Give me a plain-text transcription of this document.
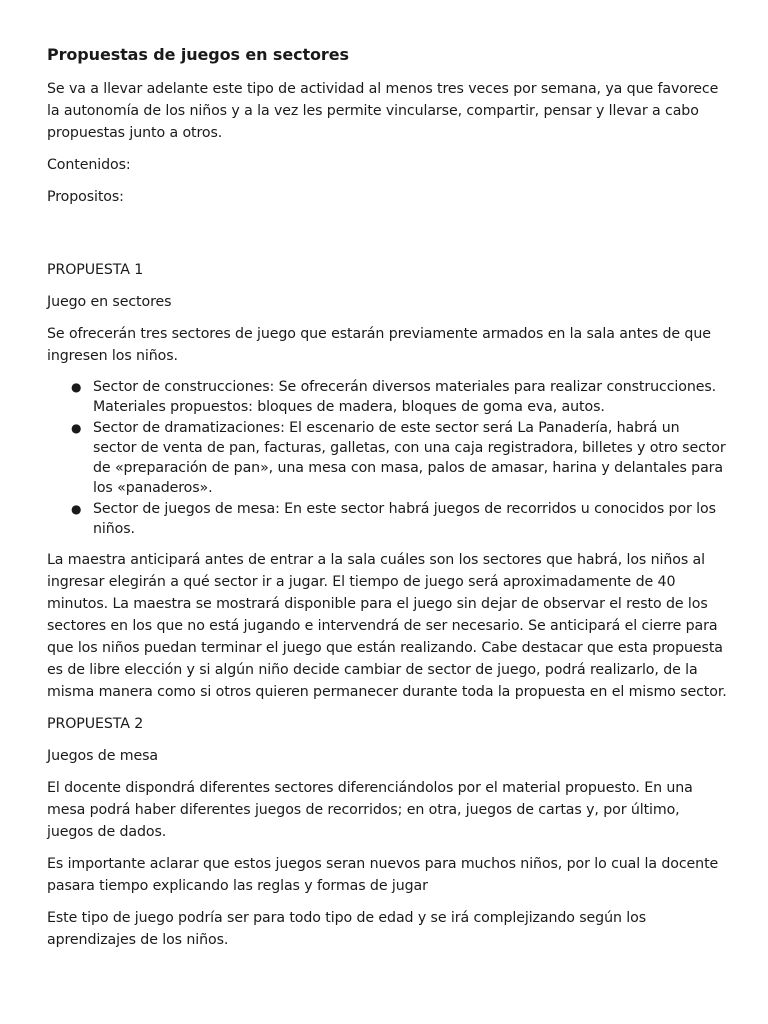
Propuestas de juegos en sectores

Se va a llevar adelante este tipo de actividad al menos tres veces por semana, ya que favorece la autonomía de los niños y a la vez les permite vincularse, compartir, pensar y llevar a cabo propuestas junto a otros.

Contenidos:

Propositos:

PROPUESTA 1

Juego en sectores

Se ofrecerán tres sectores de juego que estarán previamente armados en la sala antes de que ingresen los niños.

● Sector de construcciones: Se ofrecerán diversos materiales para realizar construcciones. Materiales propuestos: bloques de madera, bloques de goma eva, autos.
● Sector de dramatizaciones: El escenario de este sector será La Panadería, habrá un sector de venta de pan, facturas, galletas, con una caja registradora, billetes y otro sector de «preparación de pan», una mesa con masa, palos de amasar, harina y delantales para los «panaderos».
● Sector de juegos de mesa: En este sector habrá juegos de recorridos u conocidos por los niños.

La maestra anticipará antes de entrar a la sala cuáles son los sectores que habrá, los niños al ingresar elegirán a qué sector ir a jugar. El tiempo de juego será aproximadamente de 40 minutos. La maestra se mostrará disponible para el juego sin dejar de observar el resto de los sectores en los que no está jugando e intervendrá de ser necesario. Se anticipará el cierre para que los niños puedan terminar el juego que están realizando. Cabe destacar que esta propuesta es de libre elección y si algún niño decide cambiar de sector de juego, podrá realizarlo, de la misma manera como si otros quieren permanecer durante toda la propuesta en el mismo sector.

PROPUESTA 2

Juegos de mesa

El docente dispondrá diferentes sectores diferenciándolos por el material propuesto. En una mesa podrá haber diferentes juegos de recorridos; en otra, juegos de cartas y, por último, juegos de dados.

Es importante aclarar que estos juegos seran nuevos para muchos niños, por lo cual la docente pasara tiempo explicando las reglas y formas de jugar

Este tipo de juego podría ser para todo tipo de edad y se irá complejizando según los aprendizajes de los niños.
